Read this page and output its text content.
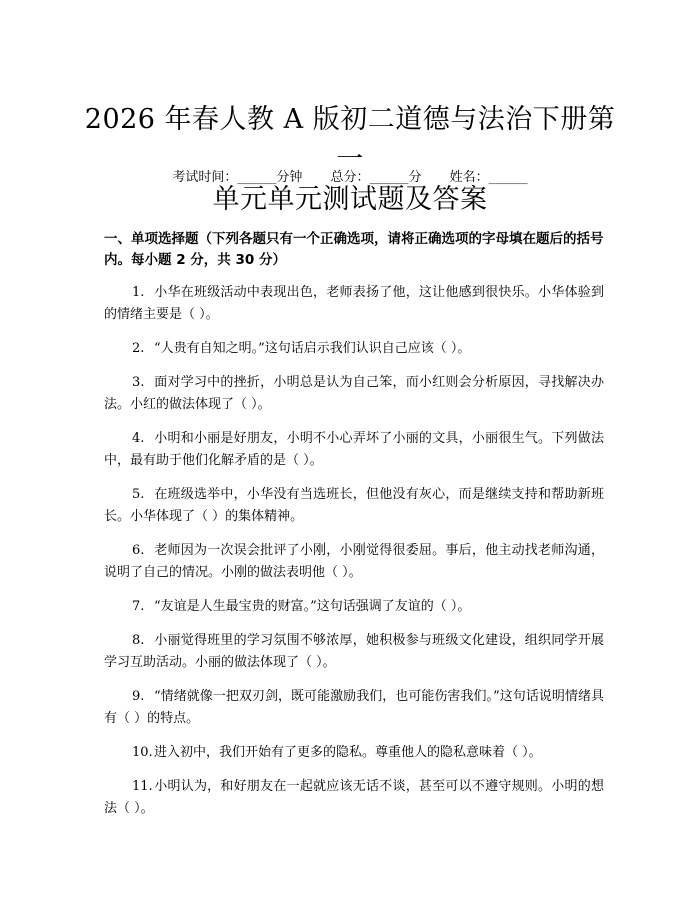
2026 年春人教 A 版初二道德与法治下册第一
单元单元测试题及答案
考试时间：______分钟 总分：______分 姓名：______
一、单项选择题（下列各题只有一个正确选项，请将正确选项的字母填在题后的括号内。每小题 2 分，共 30 分）
1. 小华在班级活动中表现出色，老师表扬了他，这让他感到很快乐。小华体验到的情绪主要是（ ）。
2. “人贵有自知之明。”这句话启示我们认识自己应该（ ）。
3. 面对学习中的挫折，小明总是认为自己笨，而小红则会分析原因，寻找解决办法。小红的做法体现了（ ）。
4. 小明和小丽是好朋友，小明不小心弄坏了小丽的文具，小丽很生气。下列做法中，最有助于他们化解矛盾的是（ ）。
5. 在班级选举中，小华没有当选班长，但他没有灰心，而是继续支持和帮助新班长。小华体现了（ ）的集体精神。
6. 老师因为一次误会批评了小刚，小刚觉得很委屈。事后，他主动找老师沟通，说明了自己的情况。小刚的做法表明他（ ）。
7. “友谊是人生最宝贵的财富。”这句话强调了友谊的（ ）。
8. 小丽觉得班里的学习氛围不够浓厚，她积极参与班级文化建设，组织同学开展学习互助活动。小丽的做法体现了（ ）。
9. “情绪就像一把双刃剑，既可能激励我们，也可能伤害我们。”这句话说明情绪具有（ ）的特点。
10.进入初中，我们开始有了更多的隐私。尊重他人的隐私意味着（ ）。
11.小明认为，和好朋友在一起就应该无话不谈，甚至可以不遵守规则。小明的想法（ ）。
